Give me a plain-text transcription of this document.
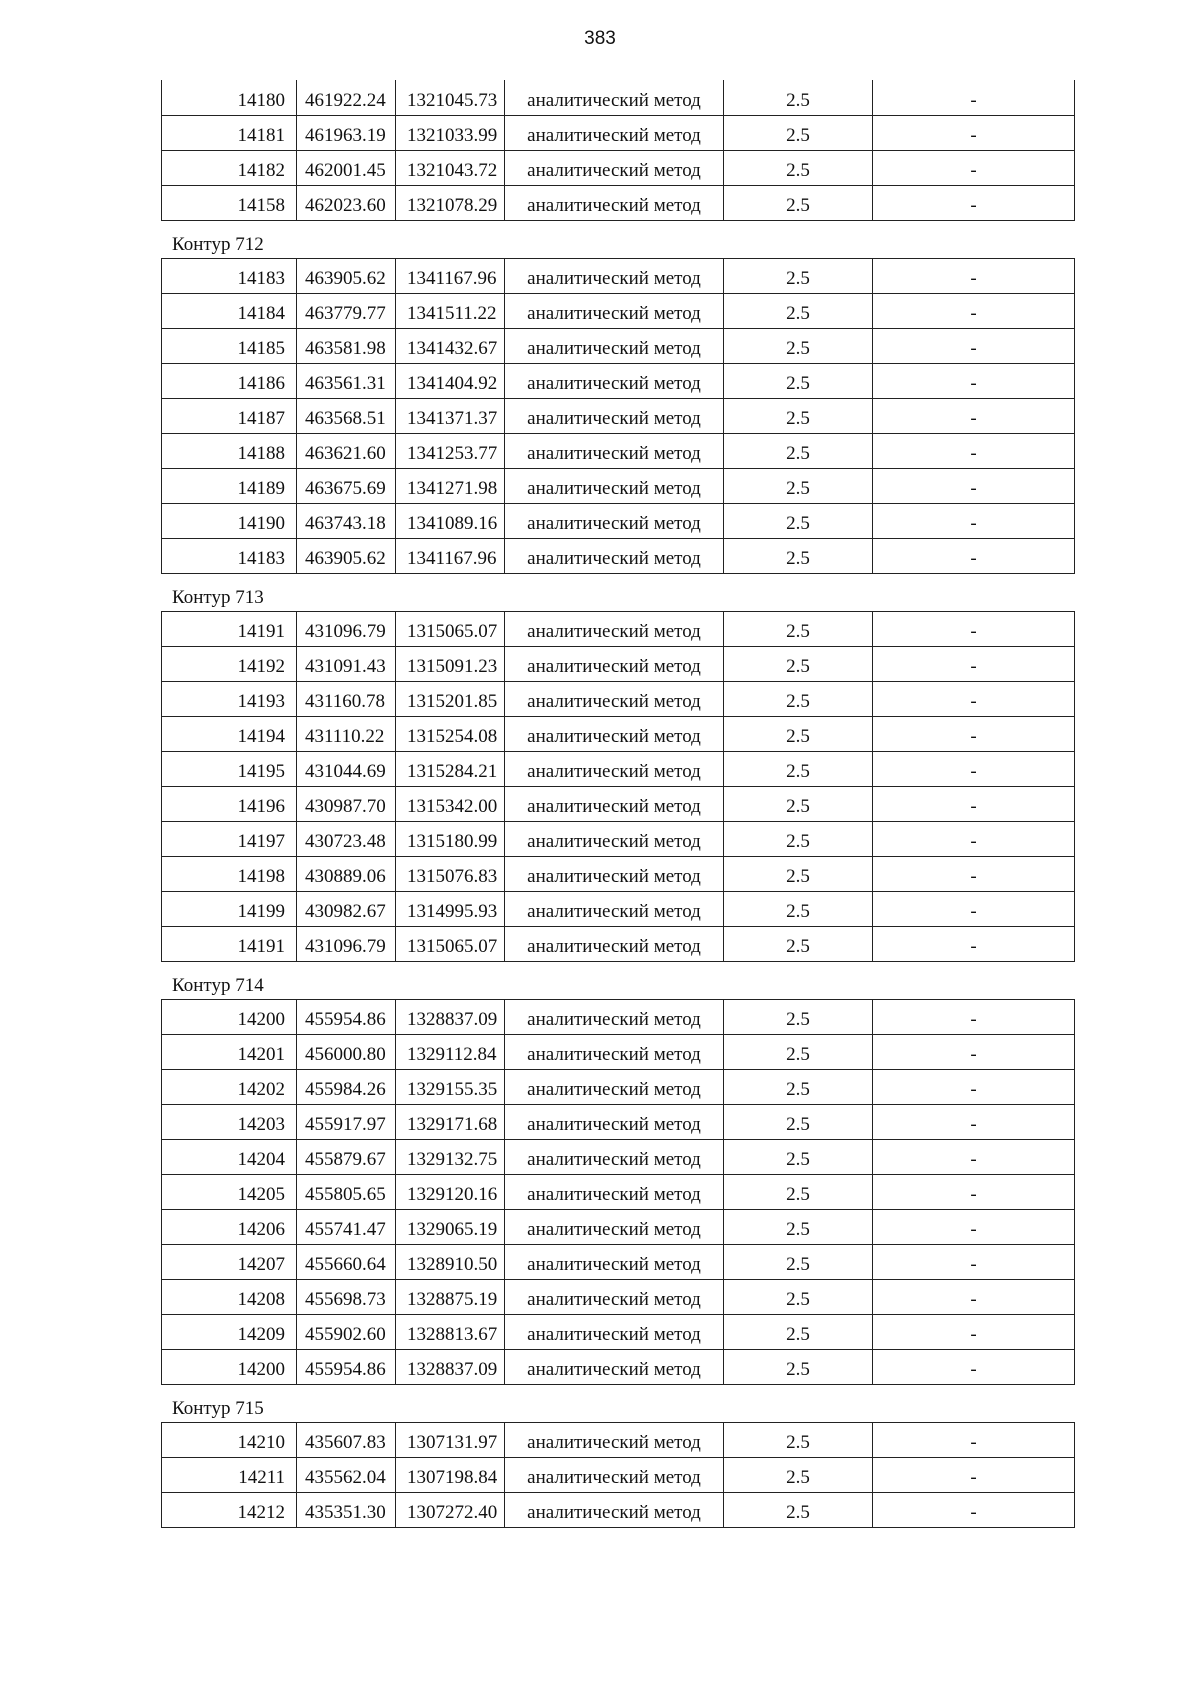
383
14180	461922.24	1321045.73	аналитический метод	2.5	-
14181	461963.19	1321033.99	аналитический метод	2.5	-
14182	462001.45	1321043.72	аналитический метод	2.5	-
14158	462023.60	1321078.29	аналитический метод	2.5	-
Контур 712
14183	463905.62	1341167.96	аналитический метод	2.5	-
14184	463779.77	1341511.22	аналитический метод	2.5	-
14185	463581.98	1341432.67	аналитический метод	2.5	-
14186	463561.31	1341404.92	аналитический метод	2.5	-
14187	463568.51	1341371.37	аналитический метод	2.5	-
14188	463621.60	1341253.77	аналитический метод	2.5	-
14189	463675.69	1341271.98	аналитический метод	2.5	-
14190	463743.18	1341089.16	аналитический метод	2.5	-
14183	463905.62	1341167.96	аналитический метод	2.5	-
Контур 713
14191	431096.79	1315065.07	аналитический метод	2.5	-
14192	431091.43	1315091.23	аналитический метод	2.5	-
14193	431160.78	1315201.85	аналитический метод	2.5	-
14194	431110.22	1315254.08	аналитический метод	2.5	-
14195	431044.69	1315284.21	аналитический метод	2.5	-
14196	430987.70	1315342.00	аналитический метод	2.5	-
14197	430723.48	1315180.99	аналитический метод	2.5	-
14198	430889.06	1315076.83	аналитический метод	2.5	-
14199	430982.67	1314995.93	аналитический метод	2.5	-
14191	431096.79	1315065.07	аналитический метод	2.5	-
Контур 714
14200	455954.86	1328837.09	аналитический метод	2.5	-
14201	456000.80	1329112.84	аналитический метод	2.5	-
14202	455984.26	1329155.35	аналитический метод	2.5	-
14203	455917.97	1329171.68	аналитический метод	2.5	-
14204	455879.67	1329132.75	аналитический метод	2.5	-
14205	455805.65	1329120.16	аналитический метод	2.5	-
14206	455741.47	1329065.19	аналитический метод	2.5	-
14207	455660.64	1328910.50	аналитический метод	2.5	-
14208	455698.73	1328875.19	аналитический метод	2.5	-
14209	455902.60	1328813.67	аналитический метод	2.5	-
14200	455954.86	1328837.09	аналитический метод	2.5	-
Контур 715
14210	435607.83	1307131.97	аналитический метод	2.5	-
14211	435562.04	1307198.84	аналитический метод	2.5	-
14212	435351.30	1307272.40	аналитический метод	2.5	-
